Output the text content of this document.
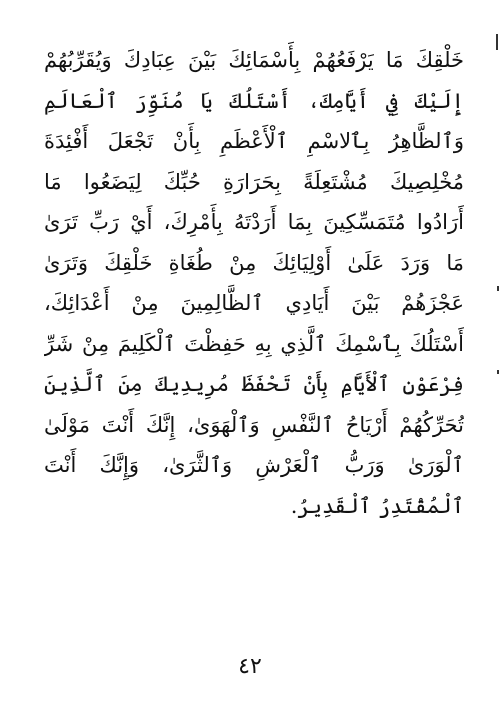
خَلْقِكَ مَا يَرْفَعُهُمْ بِأَسْمَائِكَ بَيْنَ عِبَادِكَ وَيُقَرِّبُهُمْ
إِلَيْكَ فِي أَيَّامِكَ، أَسْتَلُكَ يَا مُنَوِّرَ ٱلْعَالَمِ
وَٱلظَّاهِرُ بِٱلاسْمِ ٱلْأَعْظَمِ بِأَنْ تَجْعَلَ أَفْئِدَةَ
مُخْلِصِيكَ مُشْتَعِلَةً بِحَرَارَةِ حُبِّكَ لِيَضَعُوا مَا
أَرَادُوا مُتَمَسِّكِينَ بِمَا أَرَدْتَهُ بِأَمْرِكَ، أَيْ رَبِّ تَرَىٰ
مَا وَرَدَ عَلَىٰ أَوْلِيَائِكَ مِنْ طُغَاةِ خَلْقِكَ وَتَرَىٰ
عَجْزَهُمْ بَيْنَ أَيَادِي ٱلظَّالِمِينَ مِنْ أَعْدَائِكَ،
أَسْتَلُكَ بِٱسْمِكَ ٱلَّذِي بِهِ حَفِظْتَ ٱلْكَلِيمَ مِنْ شَرِّ
فِرْعَوْنِ ٱلْأَيَّامِ بِأَنْ تَحْفَظَ مُرِيدِيكَ مِنَ ٱلَّذِينَ
تُحَرِّكُهُمْ أَرْيَاحُ ٱلنَّفْسِ وَٱلْهَوَىٰ، إِنَّكَ أَنْتَ مَوْلَىٰ
ٱلْوَرَىٰ وَرَبُّ ٱلْعَرْشِ وَٱلثَّرَىٰ، وَإِنَّكَ أَنْتَ
ٱلْمُقْتَدِرُ ٱلْقَدِيرُ.
٤٢
